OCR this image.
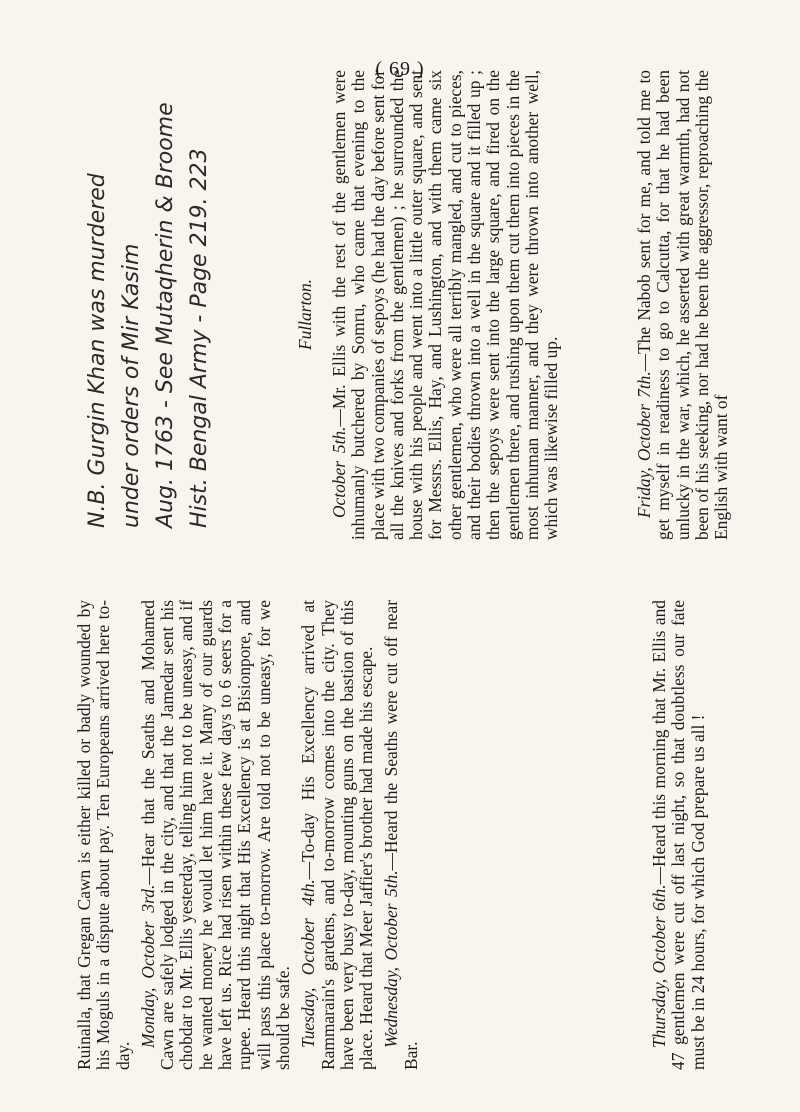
( 69 )
N.B. Gurgin Khan was murdered under orders of Mir Kasim Aug. 1763 - See Mutaqherin & Broome Hist. Bengal Army - Page 219. 223

Ruinalla, that Gregan Cawn is either killed or badly wounded by his Moguls in a dispute about pay. Ten Europeans arrived here to-day.

Monday, October 3rd.—Hear that the Seaths and Mohamed Cawn are safely lodged in the city, and that the Jamedar sent his chobdar to Mr. Ellis yesterday, telling him not to be uneasy, and if he wanted money he would let him have it. Many of our guards have left us. Rice had risen within these few days to 6 seers for a rupee. Heard this night that His Excellency is at Bisionpore, and will pass this place to-morrow. Are told not to be uneasy, for we should be safe. Tuesday, October 4th.—To-day His Excellency arrived at Rammarain's gardens, and to-morrow comes into the city. They have been very busy to-day, mounting guns on the bastion of this place. Heard that Meer Jaffier's brother had made his escape. Wednesday, October 5th.—Heard the Seaths were cut off near Bar.

Thursday, October 6th.—Heard this morning that Mr. Ellis and 47 gentlemen were cut off last night, so that doubtless our fate must be in 24 hours, for which God prepare us all !

Fullarton.

October 5th.—Mr. Ellis with the rest of the gentlemen were inhumanly butchered by Somru, who came that evening to the place with two companies of sepoys (he had the day before sent for all the knives and forks from the gentlemen) ; he surrounded the house with his people and went into a little outer square, and sent for Messrs. Ellis, Hay, and Lushington, and with them came six other gentlemen, who were all terribly mangled, and cut to pieces, and their bodies thrown into a well in the square and it filled up ; then the sepoys were sent into the large square, and fired on the gentlemen there, and rushing upon them cut them into pieces in the most inhuman manner, and they were thrown into another well, which was likewise filled up.	Friday, October 7th.—The Nabob sent for me, and told me to get myself in readiness to go to Calcutta, for that he had been unlucky in the war, which, he asserted with great warmth, had not been of his seeking, nor had he been the aggressor, reproaching the English with want of
